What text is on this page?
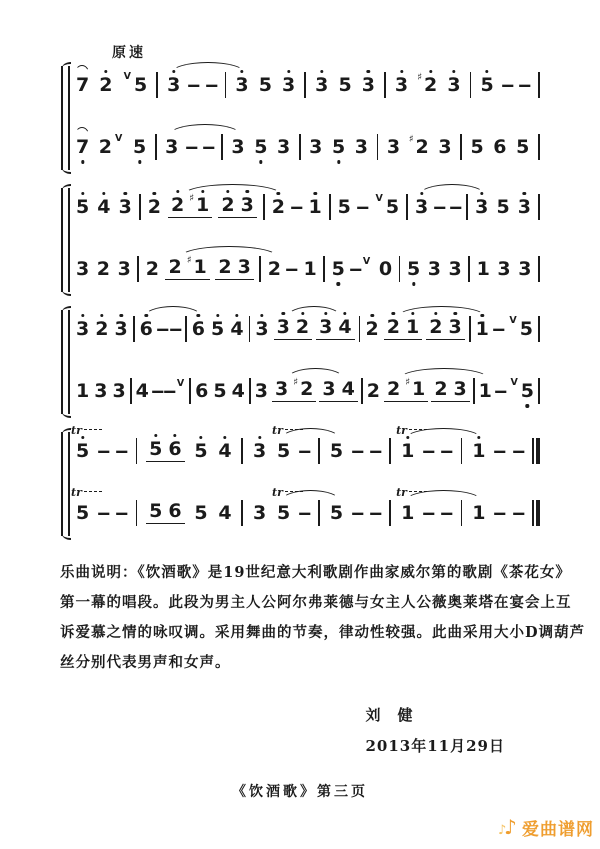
原速
7 2 V 5 3 – – 3 5 3 3 5 3 3 ♯ 2 3 5 – –
7 2 V 5 3 – – 3 5 3 3 5 3 3 ♯ 2 3 5 6 5
5 4 3 2 2 ♯ 1 2 3 2 – 1 5 – V 5 3 – – 3 5 3
3 2 3 2 2 ♯ 1 2 3 2 – 1 5 – V 0 5 3 3 1 3 3
3 2 3 6 – – 6 5 4 3 3 2 3 4 2 2 1 2 3 1 – V 5
1 3 3 4 –
– V 6 5 4 3 3 ♯ 2 3 4 2 2 ♯ 1 2 3 1 – V 5
5
tr
– – 5 6 5 4 3 5
tr
– 5 – – 1
tr
– – 1 – –
5
tr
– – 5 6 5 4 3 5
tr
– 5 – – 1
tr
– – 1 – –
乐曲说明：《饮酒歌》是19世纪意大利歌剧作曲家威尔第的歌剧《茶花女》
第一幕的唱段。此段为男主人公阿尔弗莱德与女主人公薇奥莱塔在宴会上互
诉爱慕之情的咏叹调。采用舞曲的节奏，律动性较强。此曲采用大小D调葫芦
丝分别代表男声和女声。
刘　健
2013年11月29日
《饮酒歌》第三页
♪
♪ 爱曲谱网
